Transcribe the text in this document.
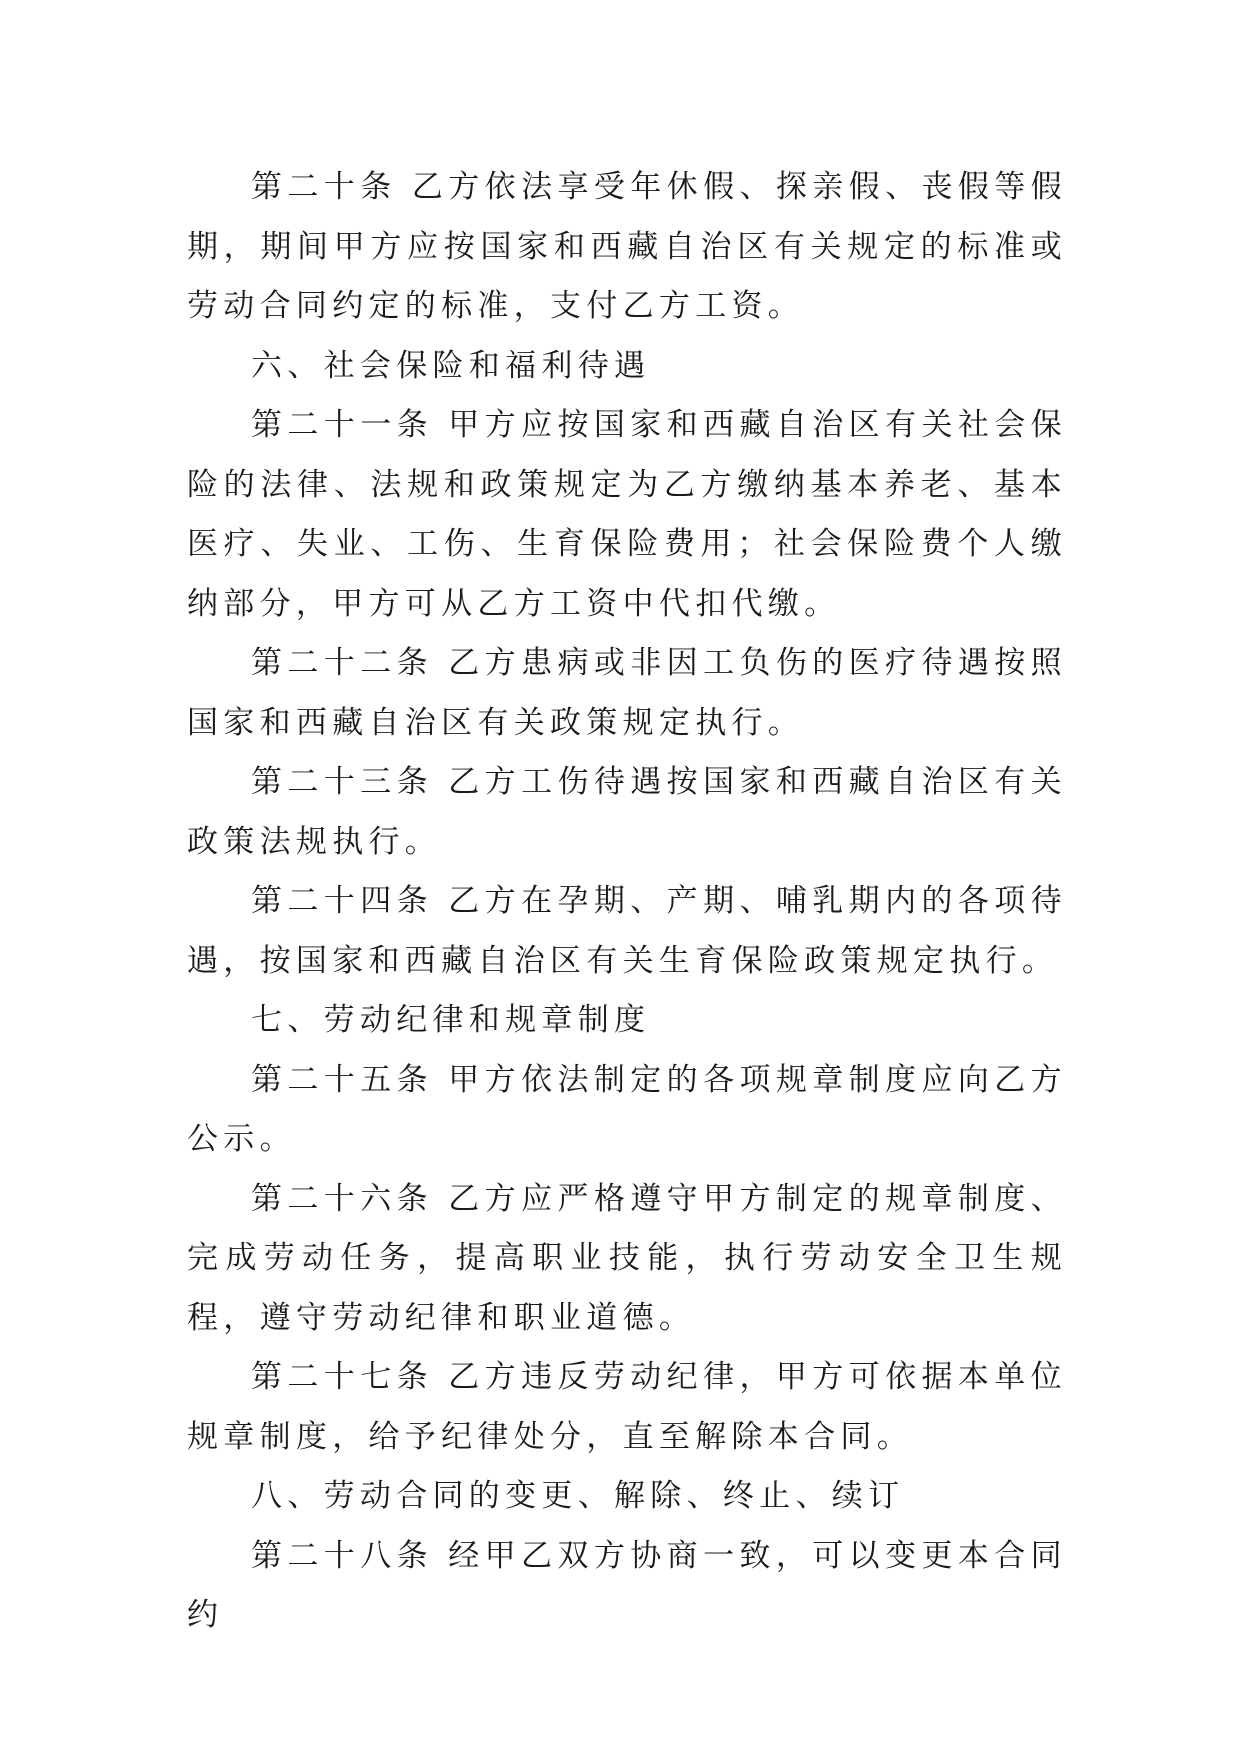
第二十条 乙方依法享受年休假、探亲假、丧假等假期，期间甲方应按国家和西藏自治区有关规定的标准或劳动合同约定的标准，支付乙方工资。

六、社会保险和福利待遇

第二十一条 甲方应按国家和西藏自治区有关社会保险的法律、法规和政策规定为乙方缴纳基本养老、基本医疗、失业、工伤、生育保险费用；社会保险费个人缴纳部分，甲方可从乙方工资中代扣代缴。

第二十二条 乙方患病或非因工负伤的医疗待遇按照国家和西藏自治区有关政策规定执行。

第二十三条 乙方工伤待遇按国家和西藏自治区有关政策法规执行。

第二十四条 乙方在孕期、产期、哺乳期内的各项待遇，按国家和西藏自治区有关生育保险政策规定执行。

七、劳动纪律和规章制度

第二十五条 甲方依法制定的各项规章制度应向乙方公示。

第二十六条 乙方应严格遵守甲方制定的规章制度、完成劳动任务，提高职业技能，执行劳动安全卫生规程，遵守劳动纪律和职业道德。

第二十七条 乙方违反劳动纪律，甲方可依据本单位规章制度，给予纪律处分，直至解除本合同。

八、劳动合同的变更、解除、终止、续订

第二十八条 经甲乙双方协商一致，可以变更本合同约
